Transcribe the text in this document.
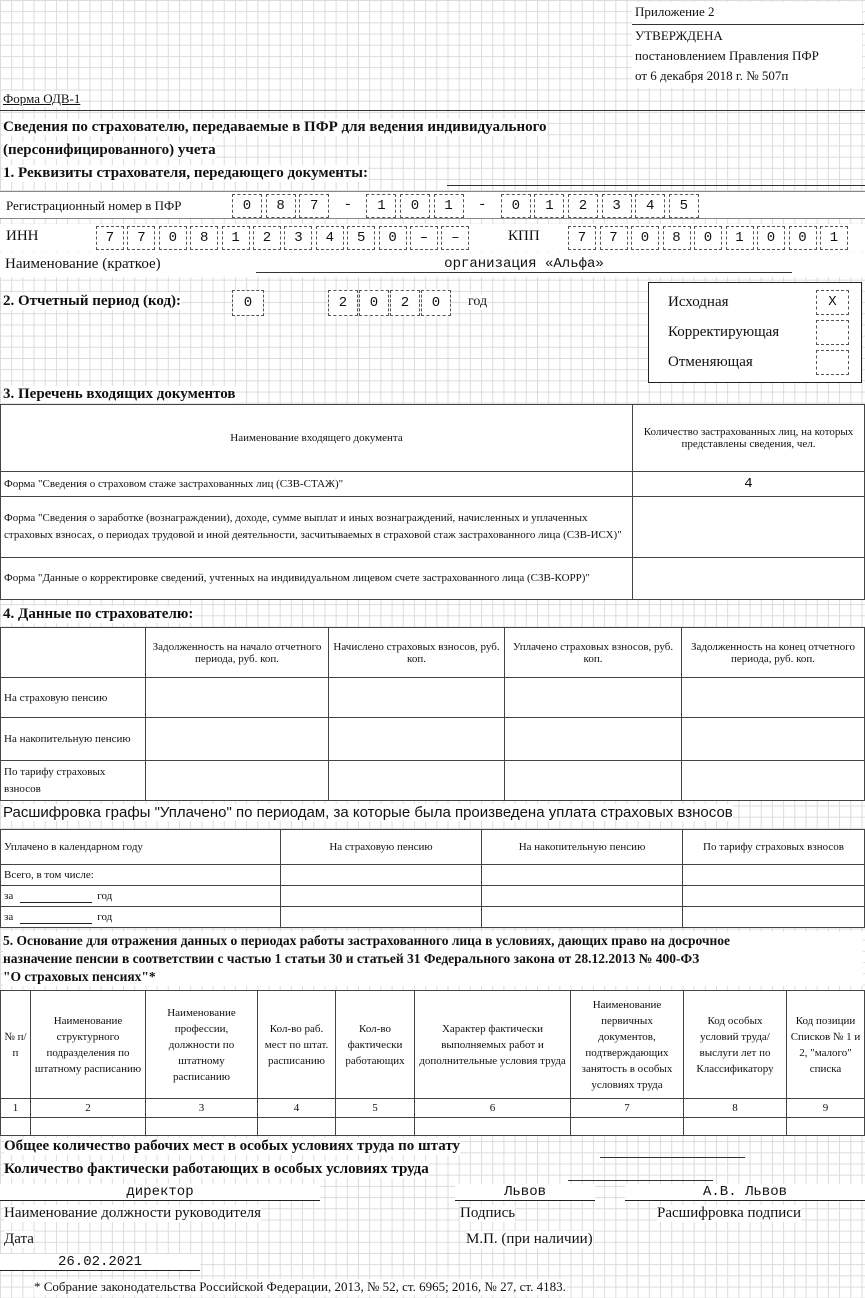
Приложение 2
УТВЕРЖДЕНА
постановлением Правления ПФР
от 6 декабря 2018 г. № 507п
Форма ОДВ-1
Сведения по страхователю, передаваемые в ПФР для ведения индивидуального
(персонифицированного) учета
1. Реквизиты страхователя, передающего документы:
Регистрационный номер в ПФР	0	8	7	-	1	0	1	-	0	1	2	3	4	5
ИНН	7	7	0	8	1	2	3	4	5	0	–	–	КПП	7	7	0	8	0	1	0	0	1
Наименование (краткое)	организация «Альфа»
2. Отчетный период (код):	0	2	0	2	0	год	Исходная	X
Корректирующая
Отменяющая
3. Перечень входящих документов
Наименование входящего документа	Количество застрахованных лиц, на которых представлены сведения, чел.
Форма "Сведения о страховом стаже застрахованных лиц (СЗВ-СТАЖ)"	4
Форма "Сведения о заработке (вознаграждении), доходе, сумме выплат и иных вознаграждений, начисленных и уплаченных страховых взносах, о периодах трудовой и иной деятельности, засчитываемых в страховой стаж застрахованного лица (СЗВ-ИСХ)"	
Форма "Данные о корректировке сведений, учтенных на индивидуальном лицевом счете застрахованного лица (СЗВ-КОРР)"	
4. Данные по страхователю:
	Задолженность на начало отчетного периода, руб. коп.	Начислено страховых взносов, руб. коп.	Уплачено страховых взносов, руб. коп.	Задолженность на конец отчетного периода, руб. коп.
На страховую пенсию				
На накопительную пенсию				
По тарифу страховых взносов				
Расшифровка графы "Уплачено" по периодам, за которые была произведена уплата страховых взносов
Уплачено в календарном году	На страховую пенсию	На накопительную пенсию	По тарифу страховых взносов
Всего, в том числе:			
за год			
за год			
5. Основание для отражения данных о периодах работы застрахованного лица в условиях, дающих право на досрочное
назначение пенсии в соответствии с частью 1 статьи 30 и статьей 31 Федерального закона от 28.12.2013 № 400-ФЗ
"О страховых пенсиях"*
№ п/п	Наименование структурного подразделения по штатному расписанию	Наименование профессии, должности по штатному расписанию	Кол-во раб. мест по штат. расписанию	Кол-во фактически работающих	Характер фактически выполняемых работ и дополнительные условия труда	Наименование первичных документов, подтверждающих занятость в особых условиях труда	Код особых условий труда/ выслуги лет по Классификатору	Код позиции Списков № 1 и 2, "малого" списка
1	2	3	4	5	6	7	8	9

Общее количество рабочих мест в особых условиях труда по штату
Количество фактически работающих в особых условиях труда
директор	Львов	А.В. Львов
Наименование должности руководителя	Подпись	Расшифровка подписи
Дата	М.П. (при наличии)
26.02.2021
* Собрание законодательства Российской Федерации, 2013, № 52, ст. 6965; 2016, № 27, ст. 4183.
